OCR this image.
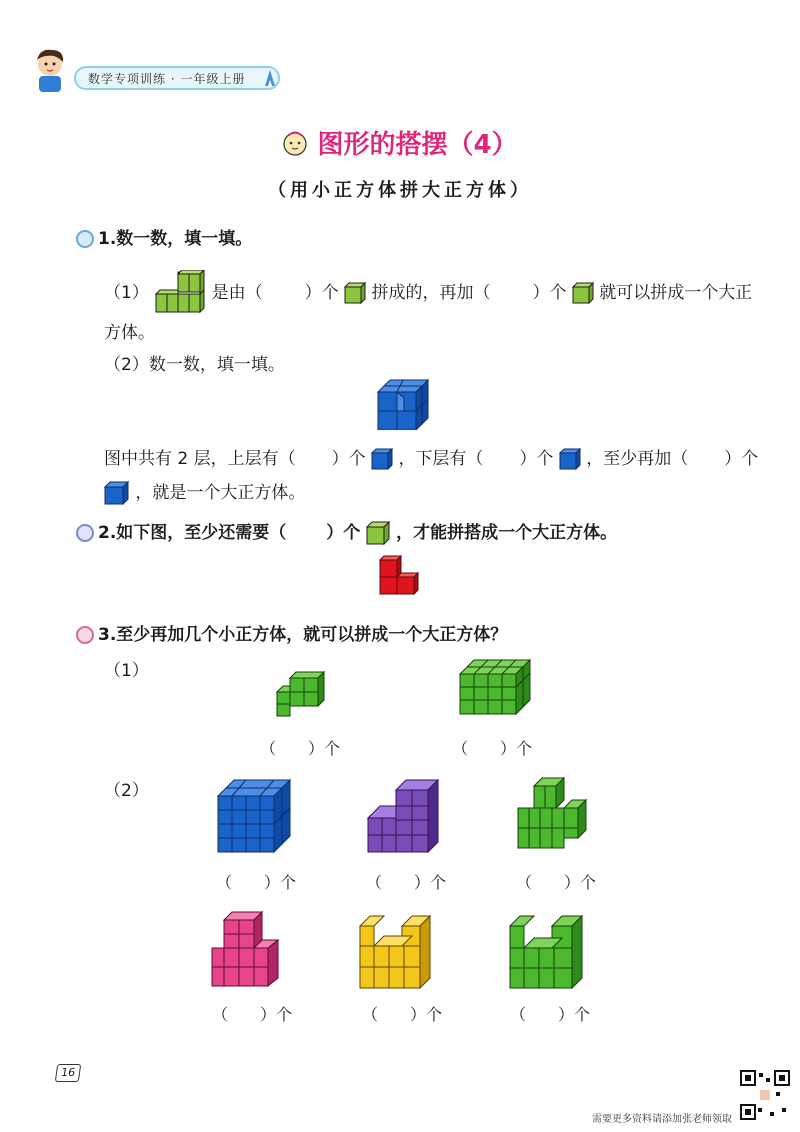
数学专项训练 · 一年级上册
图形的搭摆（4）
（用小正方体拼大正方体）
1.数一数，填一填。
（1）	是由（ ）个 拼成的，再加（ ）个 就可以拼成一个大正
方体。
（2）数一数，填一填。
图中共有 2 层，上层有（ ）个 ，下层有（ ）个 ，至少再加（ ）个
，就是一个大正方体。
2.如下图，至少还需要（ ）个 ，才能拼搭成一个大正方体。
3.至少再加几个小正方体，就可以拼成一个大正方体？
（1）
（　　）个	（　　）个
（2）
（　　）个	（　　）个	（　　）个
（　　）个	（　　）个	（　　）个
16
需要更多资料请添加张老师领取
